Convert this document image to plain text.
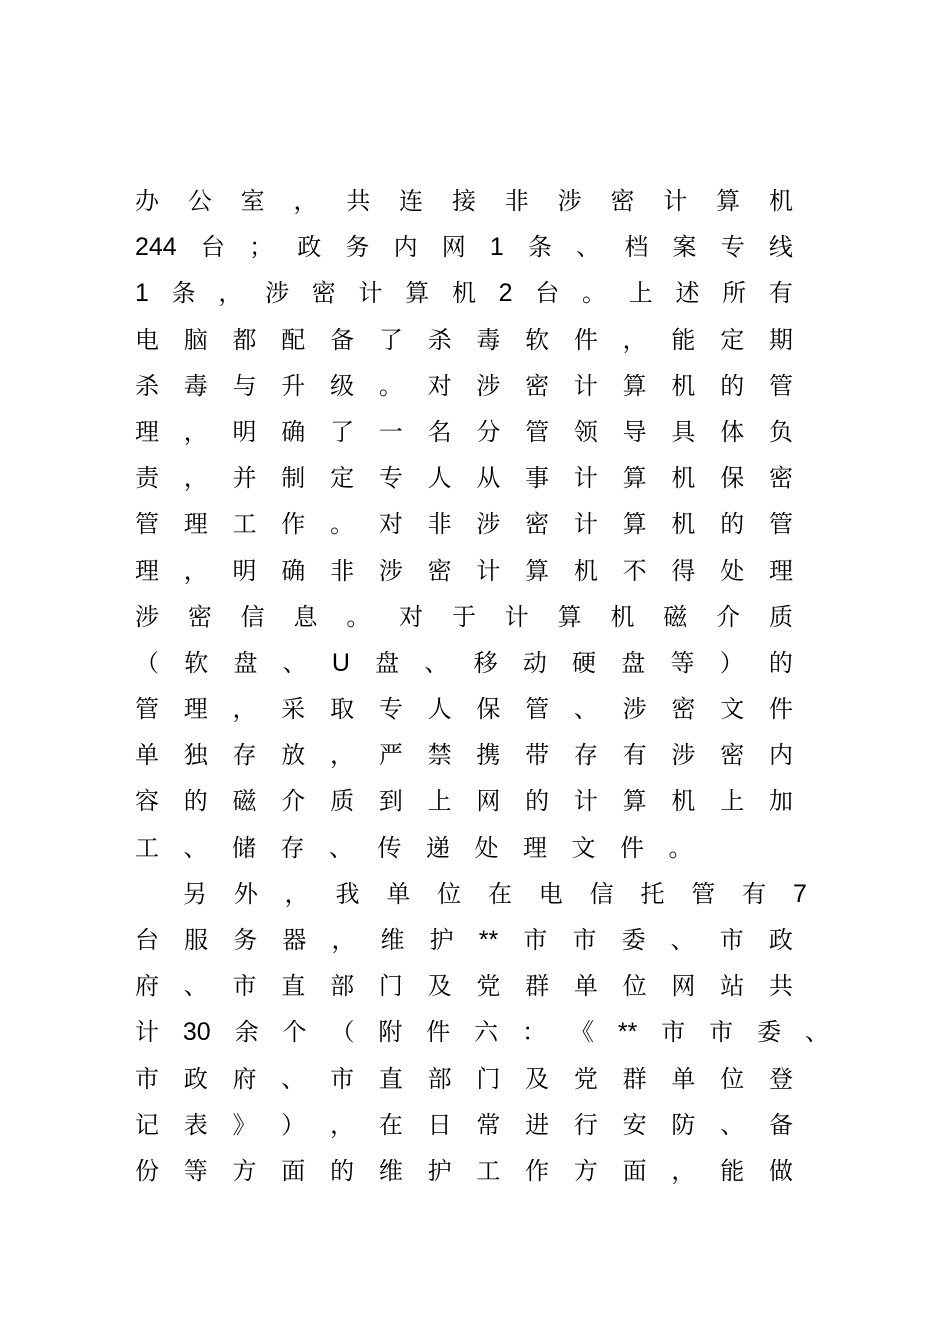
办 公 室 ， 共 连 接 非 涉 密 计 算 机
244 台 ； 政 务 内 网 1 条 、 档 案 专 线
1 条 ， 涉 密 计 算 机 2 台 。 上 述 所 有
电 脑 都 配 备 了 杀 毒 软 件 ， 能 定 期
杀 毒 与 升 级 。 对 涉 密 计 算 机 的 管
理 ， 明 确 了 一 名 分 管 领 导 具 体 负
责 ， 并 制 定 专 人 从 事 计 算 机 保 密
管 理 工 作 。 对 非 涉 密 计 算 机 的 管
理 ， 明 确 非 涉 密 计 算 机 不 得 处 理
涉 密 信 息 。 对 于 计 算 机 磁 介 质
（ 软 盘 、 U 盘 、 移 动 硬 盘 等 ） 的
管 理 ， 采 取 专 人 保 管 、 涉 密 文 件
单 独 存 放 ， 严 禁 携 带 存 有 涉 密 内
容 的 磁 介 质 到 上 网 的 计 算 机 上 加
工 、 储 存 、 传 递 处 理 文 件 。
另 外 ， 我 单 位 在 电 信 托 管 有 7
台 服 务 器 ， 维 护 ** 市 市 委 、 市 政
府 、 市 直 部 门 及 党 群 单 位 网 站 共
计 30 余 个 （ 附 件 六 ： 《 ** 市 市 委 、
市 政 府 、 市 直 部 门 及 党 群 单 位 登
记 表 》 ） ， 在 日 常 进 行 安 防 、 备
份 等 方 面 的 维 护 工 作 方 面 ， 能 做
